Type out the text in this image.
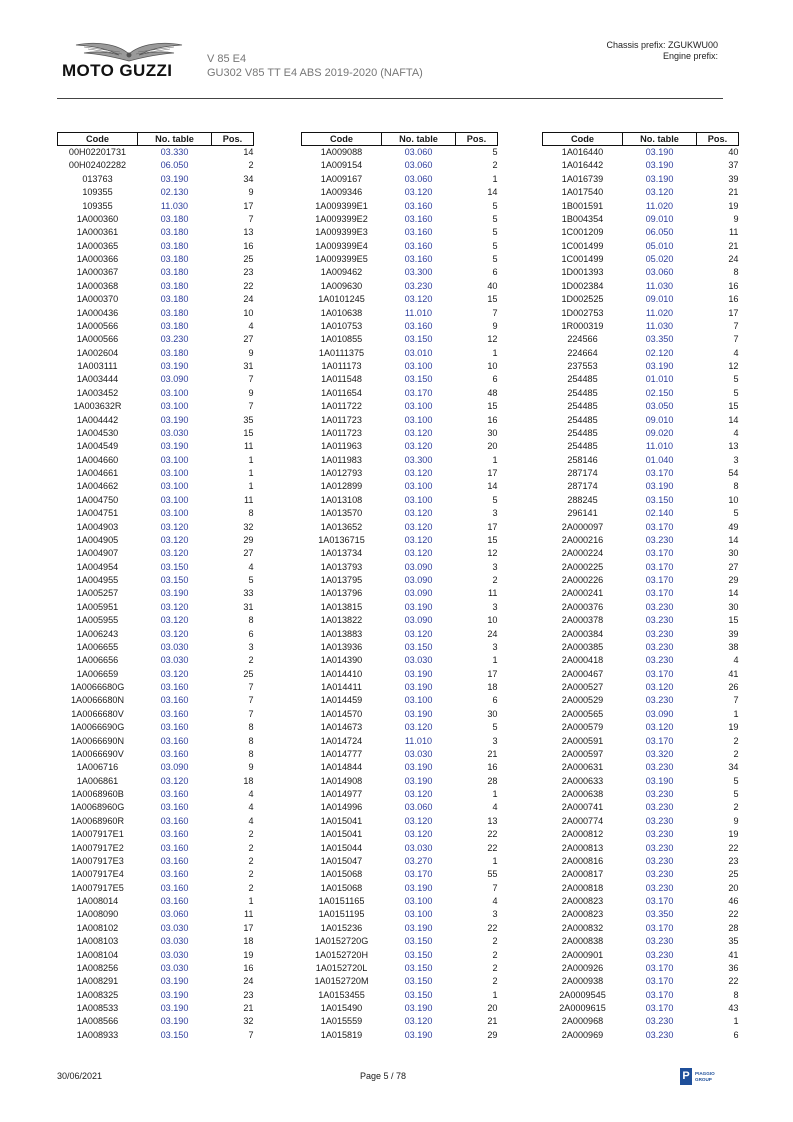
MOTO GUZZI
V 85 E4
GU302 V85 TT E4 ABS 2019-2020 (NAFTA)
Chassis prefix: ZGUKWU00
Engine prefix:
Code	No. table	Pos.
00H02201731	03.330	14
00H02402282	06.050	2
013763	03.190	34
109355	02.130	9
109355	11.030	17
1A000360	03.180	7
1A000361	03.180	13
1A000365	03.180	16
1A000366	03.180	25
1A000367	03.180	23
1A000368	03.180	22
1A000370	03.180	24
1A000436	03.180	10
1A000566	03.180	4
1A000566	03.230	27
1A002604	03.180	9
1A003111	03.190	31
1A003444	03.090	7
1A003452	03.100	9
1A003632R	03.100	7
1A004442	03.190	35
1A004530	03.030	15
1A004549	03.190	11
1A004660	03.100	1
1A004661	03.100	1
1A004662	03.100	1
1A004750	03.100	11
1A004751	03.100	8
1A004903	03.120	32
1A004905	03.120	29
1A004907	03.120	27
1A004954	03.150	4
1A004955	03.150	5
1A005257	03.190	33
1A005951	03.120	31
1A005955	03.120	8
1A006243	03.120	6
1A006655	03.030	3
1A006656	03.030	2
1A006659	03.120	25
1A0066680G	03.160	7
1A0066680N	03.160	7
1A0066680V	03.160	7
1A0066690G	03.160	8
1A0066690N	03.160	8
1A0066690V	03.160	8
1A006716	03.090	9
1A006861	03.120	18
1A0068960B	03.160	4
1A0068960G	03.160	4
1A0068960R	03.160	4
1A007917E1	03.160	2
1A007917E2	03.160	2
1A007917E3	03.160	2
1A007917E4	03.160	2
1A007917E5	03.160	2
1A008014	03.160	1
1A008090	03.060	11
1A008102	03.030	17
1A008103	03.030	18
1A008104	03.030	19
1A008256	03.030	16
1A008291	03.190	24
1A008325	03.190	23
1A008533	03.190	21
1A008566	03.190	32
1A008933	03.150	7
Code	No. table	Pos.
1A009088	03.060	5
1A009154	03.060	2
1A009167	03.060	1
1A009346	03.120	14
1A009399E1	03.160	5
1A009399E2	03.160	5
1A009399E3	03.160	5
1A009399E4	03.160	5
1A009399E5	03.160	5
1A009462	03.300	6
1A009630	03.230	40
1A0101245	03.120	15
1A010638	11.010	7
1A010753	03.160	9
1A010855	03.150	12
1A0111375	03.010	1
1A011173	03.100	10
1A011548	03.150	6
1A011654	03.170	48
1A011722	03.100	15
1A011723	03.100	16
1A011723	03.120	30
1A011963	03.120	20
1A011983	03.300	1
1A012793	03.120	17
1A012899	03.100	14
1A013108	03.100	5
1A013570	03.120	3
1A013652	03.120	17
1A0136715	03.120	15
1A013734	03.120	12
1A013793	03.090	3
1A013795	03.090	2
1A013796	03.090	11
1A013815	03.190	3
1A013822	03.090	10
1A013883	03.120	24
1A013936	03.150	3
1A014390	03.030	1
1A014410	03.190	17
1A014411	03.190	18
1A014459	03.100	6
1A014570	03.190	30
1A014673	03.120	5
1A014724	11.010	3
1A014777	03.030	21
1A014844	03.190	16
1A014908	03.190	28
1A014977	03.120	1
1A014996	03.060	4
1A015041	03.120	13
1A015041	03.120	22
1A015044	03.030	22
1A015047	03.270	1
1A015068	03.170	55
1A015068	03.190	7
1A0151165	03.100	4
1A0151195	03.100	3
1A015236	03.190	22
1A0152720G	03.150	2
1A0152720H	03.150	2
1A0152720L	03.150	2
1A0152720M	03.150	2
1A0153455	03.150	1
1A015490	03.190	20
1A015559	03.120	21
1A015819	03.190	29
Code	No. table	Pos.
1A016440	03.190	40
1A016442	03.190	37
1A016739	03.190	39
1A017540	03.120	21
1B001591	11.020	19
1B004354	09.010	9
1C001209	06.050	11
1C001499	05.010	21
1C001499	05.020	24
1D001393	03.060	8
1D002384	11.030	16
1D002525	09.010	16
1D002753	11.020	17
1R000319	11.030	7
224566	03.350	7
224664	02.120	4
237553	03.190	12
254485	01.010	5
254485	02.150	5
254485	03.050	15
254485	09.010	14
254485	09.020	4
254485	11.010	13
258146	01.040	3
287174	03.170	54
287174	03.190	8
288245	03.150	10
296141	02.140	5
2A000097	03.170	49
2A000216	03.230	14
2A000224	03.170	30
2A000225	03.170	27
2A000226	03.170	29
2A000241	03.170	14
2A000376	03.230	30
2A000378	03.230	15
2A000384	03.230	39
2A000385	03.230	38
2A000418	03.230	4
2A000467	03.170	41
2A000527	03.120	26
2A000529	03.230	7
2A000565	03.090	1
2A000579	03.120	19
2A000591	03.170	2
2A000597	03.320	2
2A000631	03.230	34
2A000633	03.190	5
2A000638	03.230	5
2A000741	03.230	2
2A000774	03.230	9
2A000812	03.230	19
2A000813	03.230	22
2A000816	03.230	23
2A000817	03.230	25
2A000818	03.230	20
2A000823	03.170	46
2A000823	03.350	22
2A000832	03.170	28
2A000838	03.230	35
2A000901	03.230	41
2A000926	03.170	36
2A000938	03.170	22
2A0009545	03.170	8
2A0009615	03.170	43
2A000968	03.230	1
2A000969	03.230	6
30/06/2021	Page 5 / 78	P	PIAGGIO
GROUP
